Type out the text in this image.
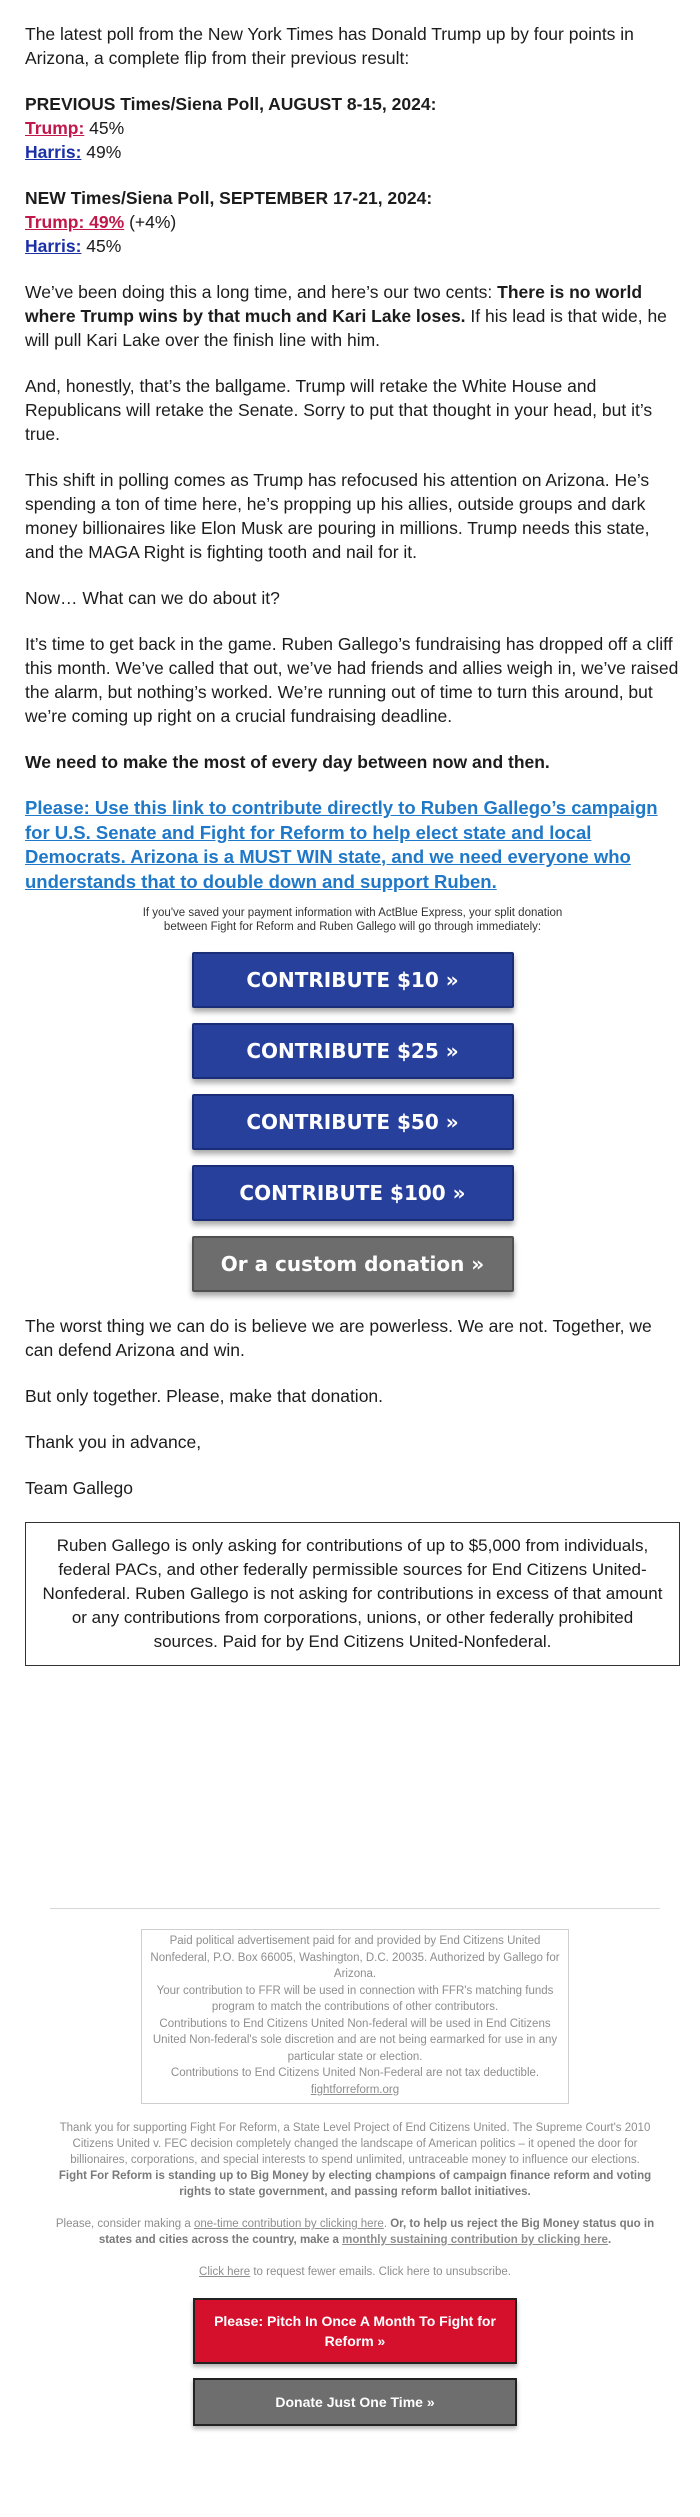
The latest poll from the New York Times has Donald Trump up by four points in Arizona, a complete flip from their previous result:

PREVIOUS Times/Siena Poll, AUGUST 8-15, 2024:
Trump: 45%
Harris: 49%
NEW Times/Siena Poll, SEPTEMBER 17-21, 2024:
Trump: 49% (+4%)
Harris: 45%

We’ve been doing this a long time, and here’s our two cents: There is no world where Trump wins by that much and Kari Lake loses. If his lead is that wide, he will pull Kari Lake over the finish line with him.

And, honestly, that’s the ballgame. Trump will retake the White House and Republicans will retake the Senate. Sorry to put that thought in your head, but it’s true.

This shift in polling comes as Trump has refocused his attention on Arizona. He’s spending a ton of time here, he’s propping up his allies, outside groups and dark money billionaires like Elon Musk are pouring in millions. Trump needs this state, and the MAGA Right is fighting tooth and nail for it.

Now… What can we do about it?

It’s time to get back in the game. Ruben Gallego’s fundraising has dropped off a cliff this month. We’ve called that out, we’ve had friends and allies weigh in, we’ve raised the alarm, but nothing’s worked. We’re running out of time to turn this around, but we’re coming up right on a crucial fundraising deadline.

We need to make the most of every day between now and then.

Please: Use this link to contribute directly to Ruben Gallego’s campaign for U.S. Senate and Fight for Reform to help elect state and local Democrats. Arizona is a MUST WIN state, and we need everyone who understands that to double down and support Ruben.
If you've saved your payment information with ActBlue Express, your split donation between Fight for Reform and Ruben Gallego will go through immediately:
CONTRIBUTE $10 »
CONTRIBUTE $25 »
CONTRIBUTE $50 »
CONTRIBUTE $100 »
Or a custom donation »

The worst thing we can do is believe we are powerless. We are not. Together, we can defend Arizona and win.

But only together. Please, make that donation.

Thank you in advance,

Team Gallego

Ruben Gallego is only asking for contributions of up to $5,000 from individuals, federal PACs, and other federally permissible sources for End Citizens United-Nonfederal. Ruben Gallego is not asking for contributions in excess of that amount or any contributions from corporations, unions, or other federally prohibited sources. Paid for by End Citizens United-Nonfederal.
Paid political advertisement paid for and provided by End Citizens United Nonfederal, P.O. Box 66005, Washington, D.C. 20035. Authorized by Gallego for Arizona.
Your contribution to FFR will be used in connection with FFR's matching funds program to match the contributions of other contributors.
Contributions to End Citizens United Non-federal will be used in End Citizens United Non-federal's sole discretion and are not being earmarked for use in any particular state or election.
Contributions to End Citizens United Non-Federal are not tax deductible.
fightforreform.org
Thank you for supporting Fight For Reform, a State Level Project of End Citizens United. The Supreme Court's 2010 Citizens United v. FEC decision completely changed the landscape of American politics – it opened the door for billionaires, corporations, and special interests to spend unlimited, untraceable money to influence our elections. Fight For Reform is standing up to Big Money by electing champions of campaign finance reform and voting rights to state government, and passing reform ballot initiatives.
Please, consider making a one-time contribution by clicking here. Or, to help us reject the Big Money status quo in states and cities across the country, make a monthly sustaining contribution by clicking here.
Click here to request fewer emails. Click here to unsubscribe.
Please: Pitch In Once A Month To Fight for Reform »
Donate Just One Time »
